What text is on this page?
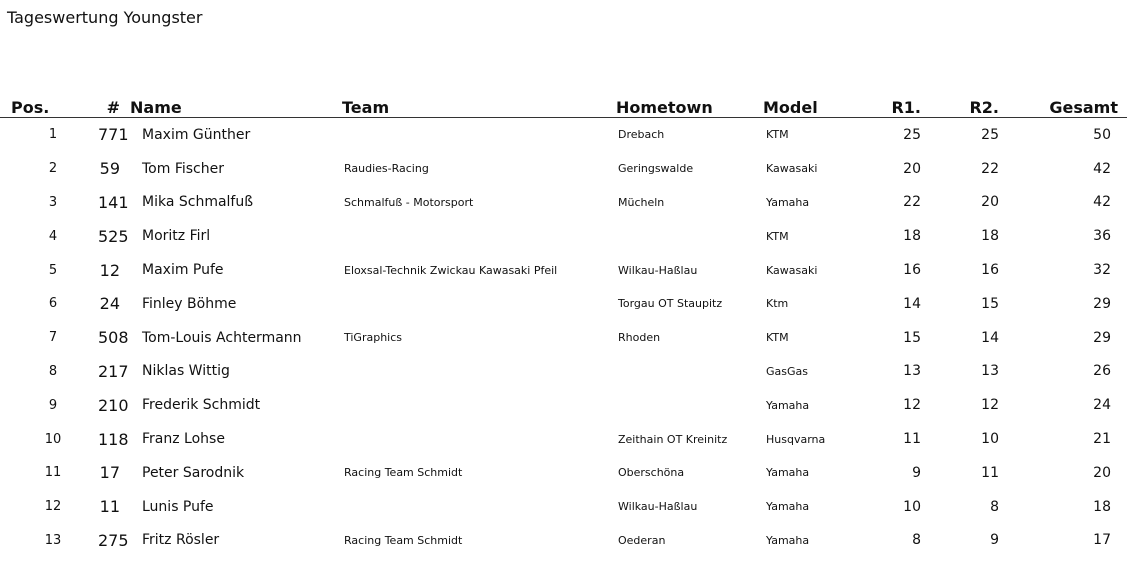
Tageswertung Youngster
Pos.	#	Name	Team	Hometown	Model	R1.	R2.	Gesamt
1	771	Maxim Günther		Drebach	KTM	25	25	50
2	59	Tom Fischer	Raudies-Racing	Geringswalde	Kawasaki	20	22	42
3	141	Mika Schmalfuß	Schmalfuß - Motorsport	Mücheln	Yamaha	22	20	42
4	525	Moritz Firl			KTM	18	18	36
5	12	Maxim Pufe	Eloxsal-Technik Zwickau Kawasaki Pfeil	Wilkau-Haßlau	Kawasaki	16	16	32
6	24	Finley Böhme		Torgau OT Staupitz	Ktm	14	15	29
7	508	Tom-Louis Achtermann	TiGraphics	Rhoden	KTM	15	14	29
8	217	Niklas Wittig			GasGas	13	13	26
9	210	Frederik Schmidt			Yamaha	12	12	24
10	118	Franz Lohse		Zeithain OT Kreinitz	Husqvarna	11	10	21
11	17	Peter Sarodnik	Racing Team Schmidt	Oberschöna	Yamaha	9	11	20
12	11	Lunis Pufe		Wilkau-Haßlau	Yamaha	10	8	18
13	275	Fritz Rösler	Racing Team Schmidt	Oederan	Yamaha	8	9	17
